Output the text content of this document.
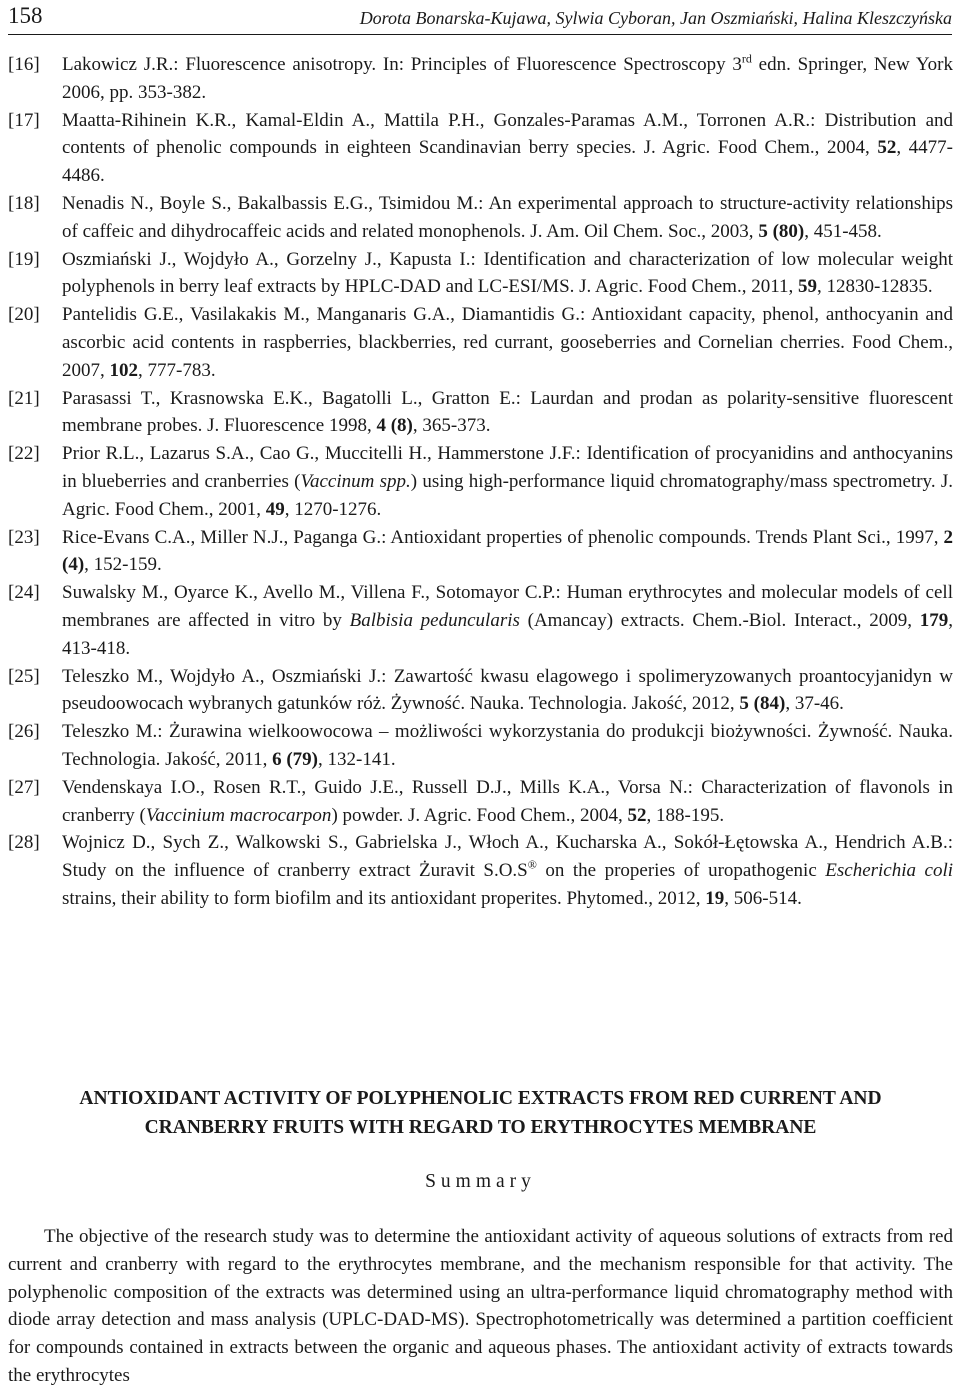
158	Dorota Bonarska-Kujawa, Sylwia Cyboran, Jan Oszmiański, Halina Kleszczyńska
[16] Lakowicz J.R.: Fluorescence anisotropy. In: Principles of Fluorescence Spectroscopy 3rd edn. Springer, New York 2006, pp. 353-382.
[17] Maatta-Rihinein K.R., Kamal-Eldin A., Mattila P.H., Gonzales-Paramas A.M., Torronen A.R.: Distribution and contents of phenolic compounds in eighteen Scandinavian berry species. J. Agric. Food Chem., 2004, 52, 4477-4486.
[18] Nenadis N., Boyle S., Bakalbassis E.G., Tsimidou M.: An experimental approach to structure-activity relationships of caffeic and dihydrocaffeic acids and related monophenols. J. Am. Oil Chem. Soc., 2003, 5 (80), 451-458.
[19] Oszmiański J., Wojdyło A., Gorzelny J., Kapusta I.: Identification and characterization of low molecular weight polyphenols in berry leaf extracts by HPLC-DAD and LC-ESI/MS. J. Agric. Food Chem., 2011, 59, 12830-12835.
[20] Pantelidis G.E., Vasilakakis M., Manganaris G.A., Diamantidis G.: Antioxidant capacity, phenol, anthocyanin and ascorbic acid contents in raspberries, blackberries, red currant, gooseberries and Cornelian cherries. Food Chem., 2007, 102, 777-783.
[21] Parasassi T., Krasnowska E.K., Bagatolli L., Gratton E.: Laurdan and prodan as polarity-sensitive fluorescent membrane probes. J. Fluorescence 1998, 4 (8), 365-373.
[22] Prior R.L., Lazarus S.A., Cao G., Muccitelli H., Hammerstone J.F.: Identification of procyanidins and anthocyanins in blueberries and cranberries (Vaccinum spp.) using high-performance liquid chromatography/mass spectrometry. J. Agric. Food Chem., 2001, 49, 1270-1276.
[23] Rice-Evans C.A., Miller N.J., Paganga G.: Antioxidant properties of phenolic compounds. Trends Plant Sci., 1997, 2 (4), 152-159.
[24] Suwalsky M., Oyarce K., Avello M., Villena F., Sotomayor C.P.: Human erythrocytes and molecular models of cell membranes are affected in vitro by Balbisia peduncularis (Amancay) extracts. Chem.-Biol. Interact., 2009, 179, 413-418.
[25] Teleszko M., Wojdyło A., Oszmiański J.: Zawartość kwasu elagowego i spolimeryzowanych proantocyjanidyn w pseudoowocach wybranych gatunków róż. Żywność. Nauka. Technologia. Jakość, 2012, 5 (84), 37-46.
[26] Teleszko M.: Żurawina wielkoowocowa – możliwości wykorzystania do produkcji biożywności. Żywność. Nauka. Technologia. Jakość, 2011, 6 (79), 132-141.
[27] Vendenskaya I.O., Rosen R.T., Guido J.E., Russell D.J., Mills K.A., Vorsa N.: Characterization of flavonols in cranberry (Vaccinium macrocarpon) powder. J. Agric. Food Chem., 2004, 52, 188-195.
[28] Wojnicz D., Sych Z., Walkowski S., Gabrielska J., Włoch A., Kucharska A., Sokół-Łętowska A., Hendrich A.B.: Study on the influence of cranberry extract Żuravit S.O.S® on the properies of uropathogenic Escherichia coli strains, their ability to form biofilm and its antioxidant properites. Phytomed., 2012, 19, 506-514.
ANTIOXIDANT ACTIVITY OF POLYPHENOLIC EXTRACTS FROM RED CURRENT AND
CRANBERRY FRUITS WITH REGARD TO ERYTHROCYTES MEMBRANE
Summary
The objective of the research study was to determine the antioxidant activity of aqueous solutions of extracts from red current and cranberry with regard to the erythrocytes membrane, and the mechanism responsible for that activity. The polyphenolic composition of the extracts was determined using an ultra-performance liquid chromatography method with diode array detection and mass analysis (UPLC-DAD-MS). Spectrophotometrically was determined a partition coefficient for compounds contained in extracts between the organic and aqueous phases. The antioxidant activity of extracts towards the erythrocytes
